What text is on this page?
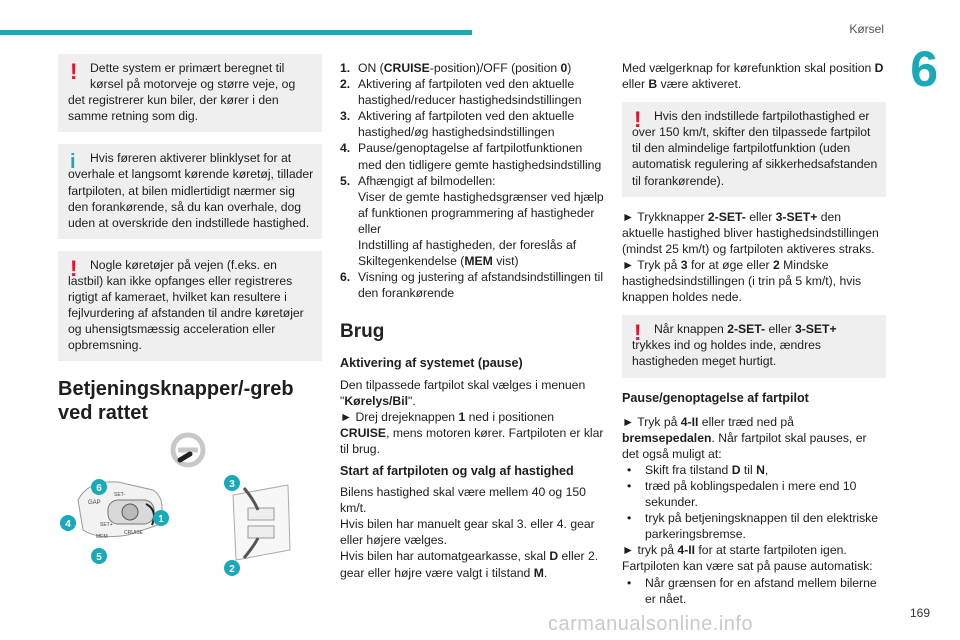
Kørsel
6
!	Dette system er primært beregnet til
kørsel på motorveje og større veje, og det registrerer kun biler, der kører i den samme retning som dig.
i	Hvis føreren aktiverer blinklyset for at
overhale et langsomt kørende køretøj, tillader fartpiloten, at bilen midlertidigt nærmer sig den forankørende, så du kan overhale, dog uden at overskride den indstillede hastighed.
!	Nogle køretøjer på vejen (f.eks. en
lastbil) kan ikke opfanges eller registreres rigtigt af kameraet, hvilket kan resultere i fejlvurdering af afstanden til andre køretøjer og uhensigtsmæssig acceleration eller opbremsning.
Betjeningsknapper/-greb ved rattet
GAP
SET-
SET+
MEM
CRUISE
6
1
4
5
3
2
1. ON (CRUISE-position)/OFF (position 0)
2. Aktivering af fartpiloten ved den aktuelle hastighed/reducer hastighedsindstillingen
3. Aktivering af fartpiloten ved den aktuelle hastighed/øg hastighedsindstillingen
4. Pause/genoptagelse af fartpilotfunktionen med den tidligere gemte hastighedsindstilling
5. Afhængigt af bilmodellen:
Viser de gemte hastighedsgrænser ved hjælp af funktionen programmering af hastigheder
eller
Indstilling af hastigheden, der foreslås af Skiltegenkendelse (MEM vist)
6. Visning og justering af afstandsindstillingen til den forankørende
Brug
Aktivering af systemet (pause)
Den tilpassede fartpilot skal vælges i menuen "Kørelys/Bil".
► Drej drejeknappen 1 ned i positionen CRUISE, mens motoren kører. Fartpiloten er klar til brug.
Start af fartpiloten og valg af hastighed
Bilens hastighed skal være mellem 40 og 150 km/t.
Hvis bilen har manuelt gear skal 3. eller 4. gear eller højere vælges.
Hvis bilen har automatgearkasse, skal D eller 2. gear eller højre være valgt i tilstand M.
Med vælgerknap for kørefunktion skal position D eller B være aktiveret.
!	Hvis den indstillede fartpilothastighed er
over 150 km/t, skifter den tilpassede fartpilot til den almindelige fartpilotfunktion (uden automatisk regulering af sikkerhedsafstanden til forankørende).
► Trykknapper 2-SET- eller 3-SET+ den aktuelle hastighed bliver hastighedsindstillingen (mindst 25 km/t) og fartpiloten aktiveres straks.
► Tryk på 3 for at øge eller 2 Mindske hastighedsindstillingen (i trin på 5 km/t), hvis knappen holdes nede.
!	Når knappen 2-SET- eller 3-SET+
trykkes ind og holdes inde, ændres hastigheden meget hurtigt.
Pause/genoptagelse af fartpilot
► Tryk på 4-II eller træd ned på bremsepedalen. Når fartpilot skal pauses, er det også muligt at:
• Skift fra tilstand D til N,
• træd på koblingspedalen i mere end 10 sekunder.
• tryk på betjeningsknappen til den elektriske parkeringsbremse.
► tryk på 4-II for at starte fartpiloten igen.
Fartpiloten kan være sat på pause automatisk:
• Når grænsen for en afstand mellem bilerne er nået.
carmanualsonline.info	169
